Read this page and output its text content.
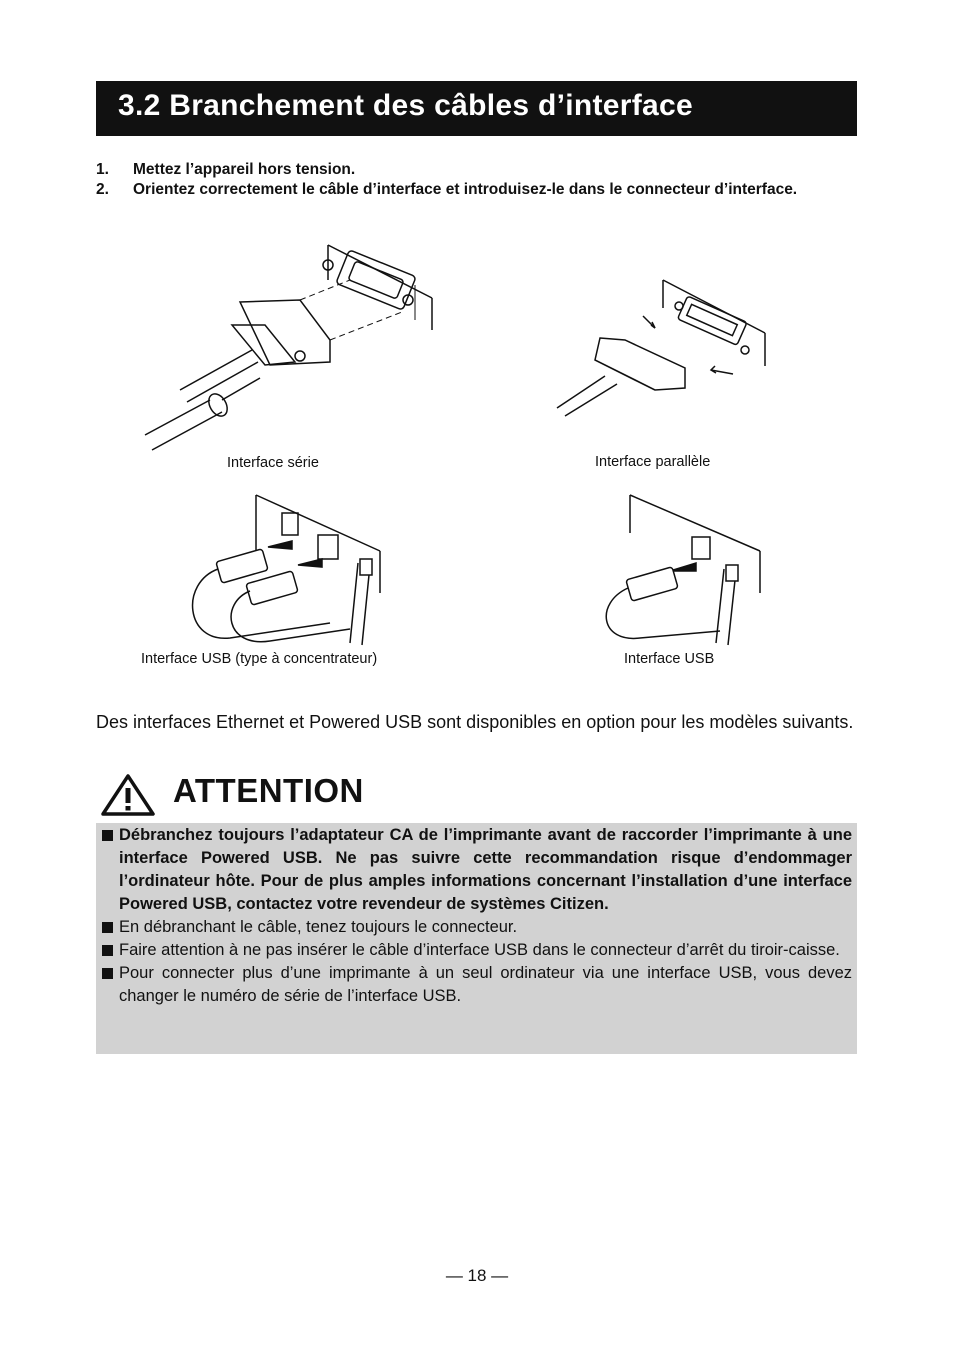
3.2 Branchement des câbles d’interface
1. Mettez l’appareil hors tension.
2. Orientez correctement le câble d’interface et introduisez-le dans le connecteur d’interface.
Interface série	Interface parallèle
Interface USB (type à concentrateur)	Interface USB

Des interfaces Ethernet et Powered USB sont disponibles en option pour les modèles suivants.

ATTENTION
Débranchez toujours l’adaptateur CA de l’imprimante avant de raccorder l’imprimante à une interface Powered USB. Ne pas suivre cette recommandation risque d’endommager l’ordinateur hôte. Pour de plus amples informations concernant l’installation d’une interface Powered USB, contactez votre revendeur de systèmes Citizen.
En débranchant le câble, tenez toujours le connecteur.
Faire attention à ne pas insérer le câble d’interface USB dans le connecteur d’arrêt du tiroir-caisse.
Pour connecter plus d’une imprimante à un seul ordinateur via une interface USB, vous devez changer le numéro de série de l’interface USB.
— 18 —
